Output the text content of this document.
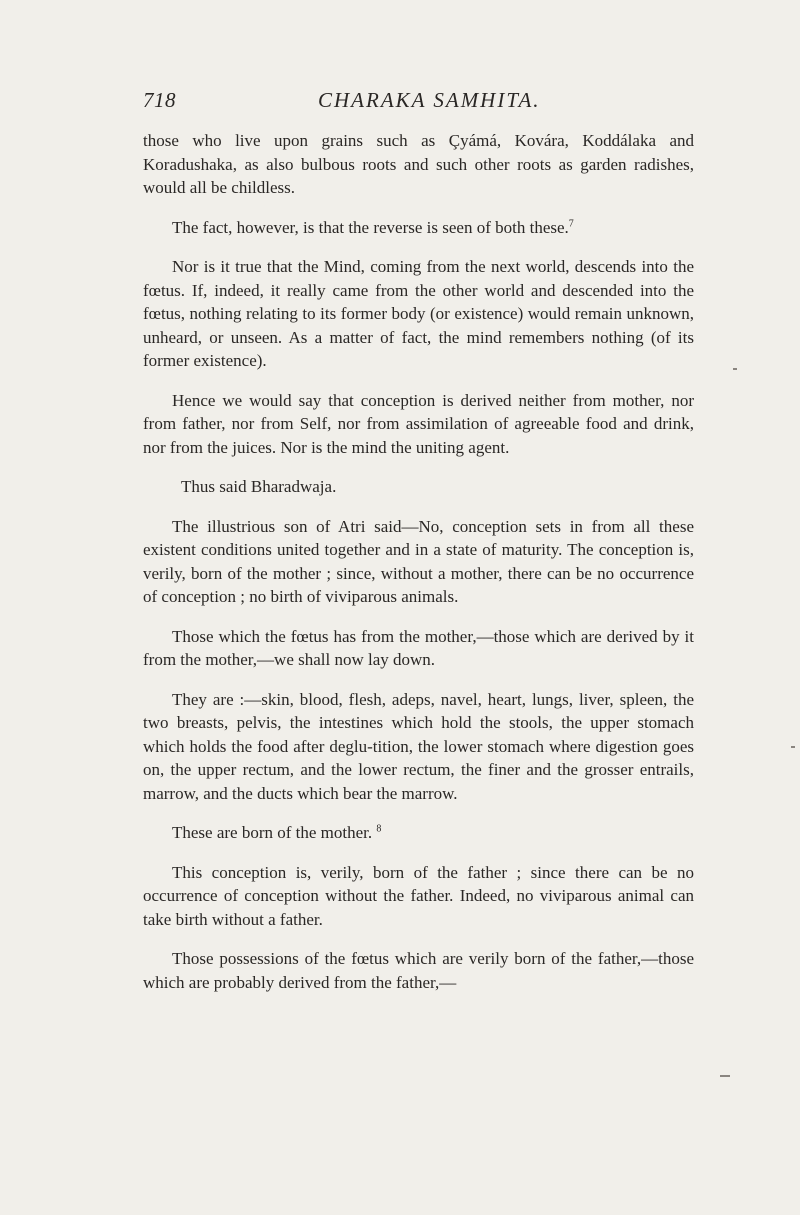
718	CHARAKA SAMHITA.

those who live upon grains such as Çyámá, Kovára, Koddálaka and Koradushaka, as also bulbous roots and such other roots as garden radishes, would all be childless.

The fact, however, is that the reverse is seen of both these.$^7$

Nor is it true that the Mind, coming from the next world, descends into the fœtus. If, indeed, it really came from the other world and descended into the fœtus, nothing relating to its former body (or existence) would remain unknown, unheard, or unseen. As a matter of fact, the mind remembers nothing (of its former existence).

Hence we would say that conception is derived neither from mother, nor from father, nor from Self, nor from assimilation of agreeable food and drink, nor from the juices. Nor is the mind the uniting agent.

Thus said Bharadwaja.

The illustrious son of Atri said—No, conception sets in from all these existent conditions united together and in a state of maturity. The conception is, verily, born of the mother ; since, without a mother, there can be no occurrence of conception ; no birth of viviparous animals.

Those which the fœtus has from the mother,—those which are derived by it from the mother,—we shall now lay down.

They are :—skin, blood, flesh, adeps, navel, heart, lungs, liver, spleen, the two breasts, pelvis, the intestines which hold the stools, the upper stomach which holds the food after deglu-tition, the lower stomach where digestion goes on, the upper rectum, and the lower rectum, the finer and the grosser entrails, marrow, and the ducts which bear the marrow.

These are born of the mother. $^8$

This conception is, verily, born of the father ; since there can be no occurrence of conception without the father. Indeed, no viviparous animal can take birth without a father.

Those possessions of the fœtus which are verily born of the father,—those which are probably derived from the father,—
